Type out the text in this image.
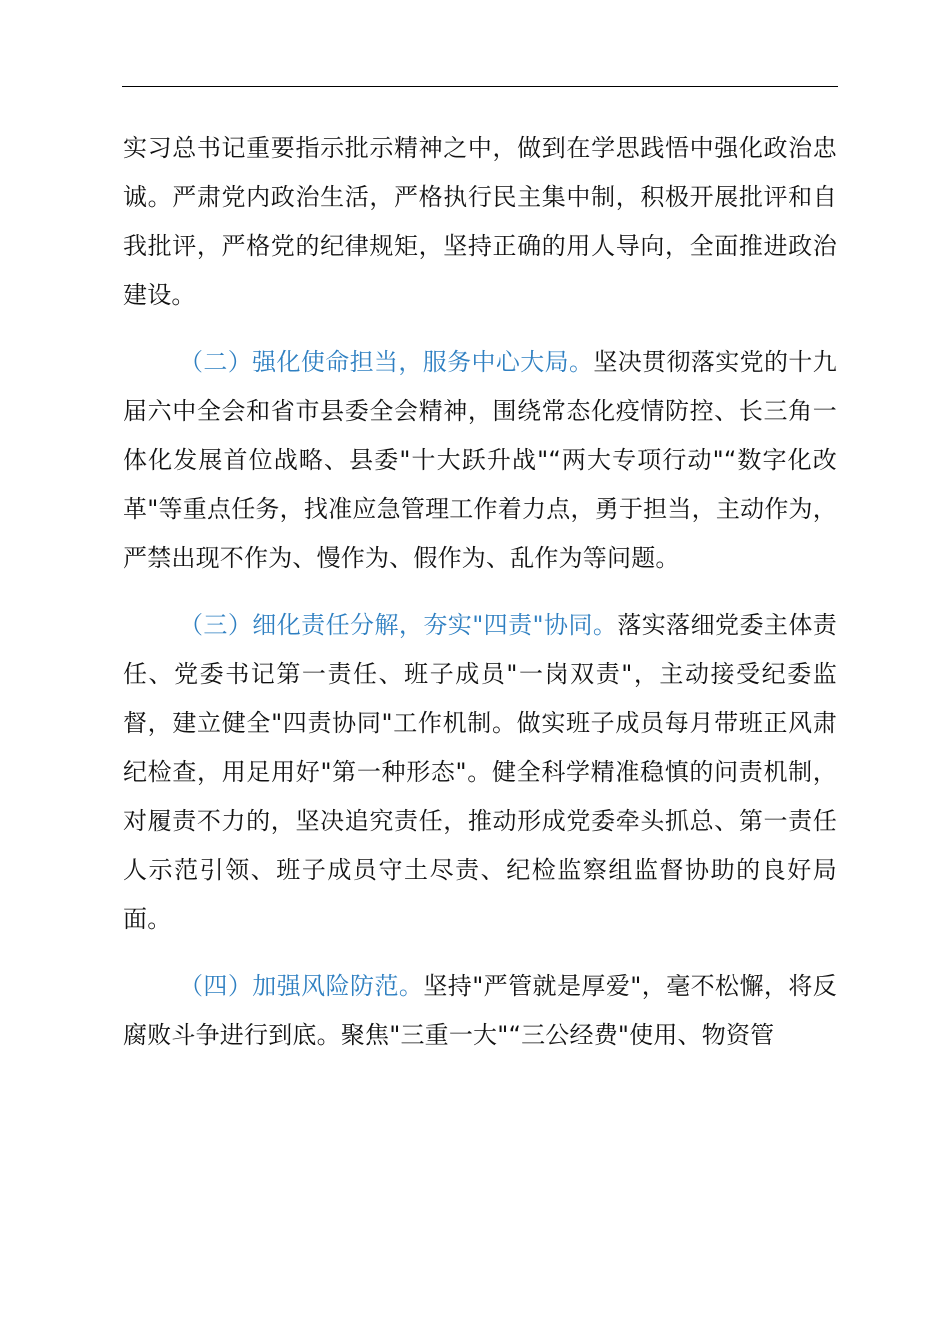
实习总书记重要指示批示精神之中，做到在学思践悟中强化政治忠诚。严肃党内政治生活，严格执行民主集中制，积极开展批评和自我批评，严格党的纪律规矩，坚持正确的用人导向，全面推进政治建设。

（二）强化使命担当，服务中心大局。坚决贯彻落实党的十九届六中全会和省市县委全会精神，围绕常态化疫情防控、长三角一体化发展首位战略、县委"十大跃升战"“两大专项行动"“数字化改革"等重点任务，找准应急管理工作着力点，勇于担当，主动作为，严禁出现不作为、慢作为、假作为、乱作为等问题。

（三）细化责任分解，夯实"四责"协同。落实落细党委主体责任、党委书记第一责任、班子成员"一岗双责"，主动接受纪委监督，建立健全"四责协同"工作机制。做实班子成员每月带班正风肃纪检查，用足用好"第一种形态"。健全科学精准稳慎的问责机制，对履责不力的，坚决追究责任，推动形成党委牵头抓总、第一责任人示范引领、班子成员守土尽责、纪检监察组监督协助的良好局面。

（四）加强风险防范。坚持"严管就是厚爱"，毫不松懈，将反腐败斗争进行到底。聚焦"三重一大"“三公经费"使用、物资管
